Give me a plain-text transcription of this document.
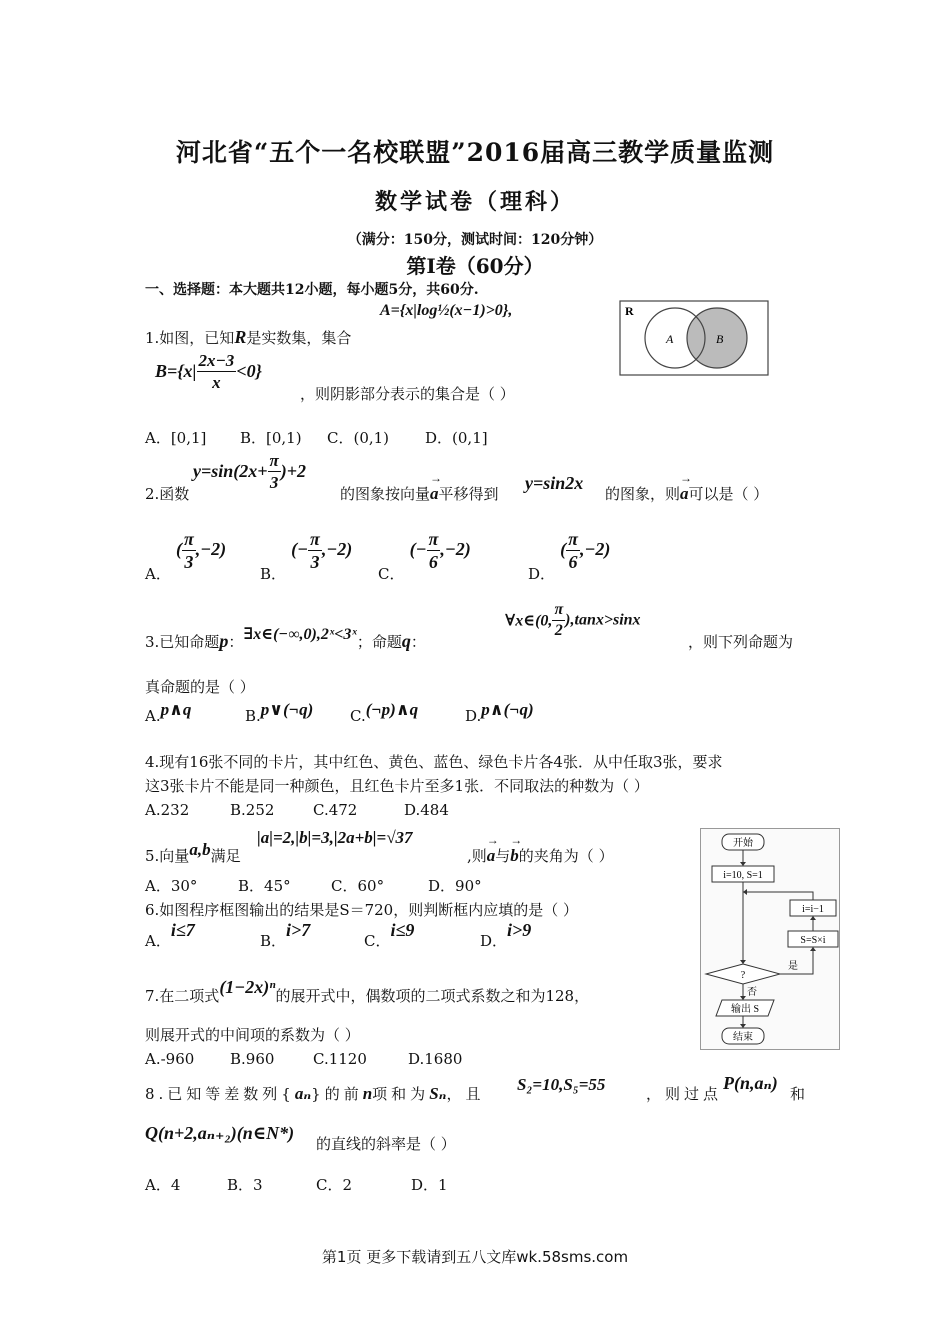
河北省“五个一名校联盟”2016届高三教学质量监测
数学试卷（理科）
（满分：150分，测试时间：120分钟）
第Ⅰ卷（60分）
一、选择题：本大题共12小题，每小题5分，共60分.
A={x|log½(x−1)>0},
1.如图，已知R是实数集，集合
$B=\{x| \frac{2x-3}{x} <0\}$
，则阴影部分表示的集合是（ ）
R
A	B
A．[0,1] B．[0,1) C．(0,1) D．(0,1]
2.函数
$y=\sin(2x+ \frac{\pi}{3} )+2$
的图象按向量→ a平移得到
y=sin2x
的图象，则→ a可以是（ ）
A． ( $\frac{\pi}{3} ,-2$)
B． (− $\frac{\pi}{3} ,-2$)
C． (− $\frac{\pi}{6} ,-2$)
D． ( $\frac{\pi}{6} ,-2$)
3.已知命题p：∃x∈(−∞,0),2ˣ<3ˣ；命题q：
∀x∈(0, $\frac{\pi}{2} ),\tan x>\sin x$
，则下列命题为
真命题的是（ ）
A.p∧q	B.p∨(¬q) C.(¬p)∧q	D.p∧(¬q)
4.现有16张不同的卡片，其中红色、黄色、蓝色、绿色卡片各4张．从中任取3张，要求
这3张卡片不能是同一种颜色，且红色卡片至多1张．不同取法的种数为（ ）
A.232	B.252	C.472	D.484
5.向量a,b满足
|a|=2,|b|=3,|2a+b|=√37
,则→ a与→ b的夹角为（ ）
A．30°	B．45°	C．60°	D．90°
6.如图程序框图输出的结果是S＝720，则判断框内应填的是（ ）
A．i≤7
B．i>7
C．i≤9
D．i>9
开始
i=10, S=1
i=i−1
S=S×i
?
是
否
输出 S
结束
7.在二项式(1−2x)ⁿ的展开式中，偶数项的二项式系数之和为128，
则展开式的中间项的系数为（ ）
A.-960 B.960	C.1120	D.1680
8.已知等差数列{aₙ}的前n项和为Sₙ，且 S₂=10,S₅=55	，则过点
P(n,aₙ)
和
Q(n+2,aₙ₊₂)(n∈N*)
的直线的斜率是（ ）
A．4	B．3	C．2	D．1
第1页 更多下载请到五八文库wk.58sms.com
